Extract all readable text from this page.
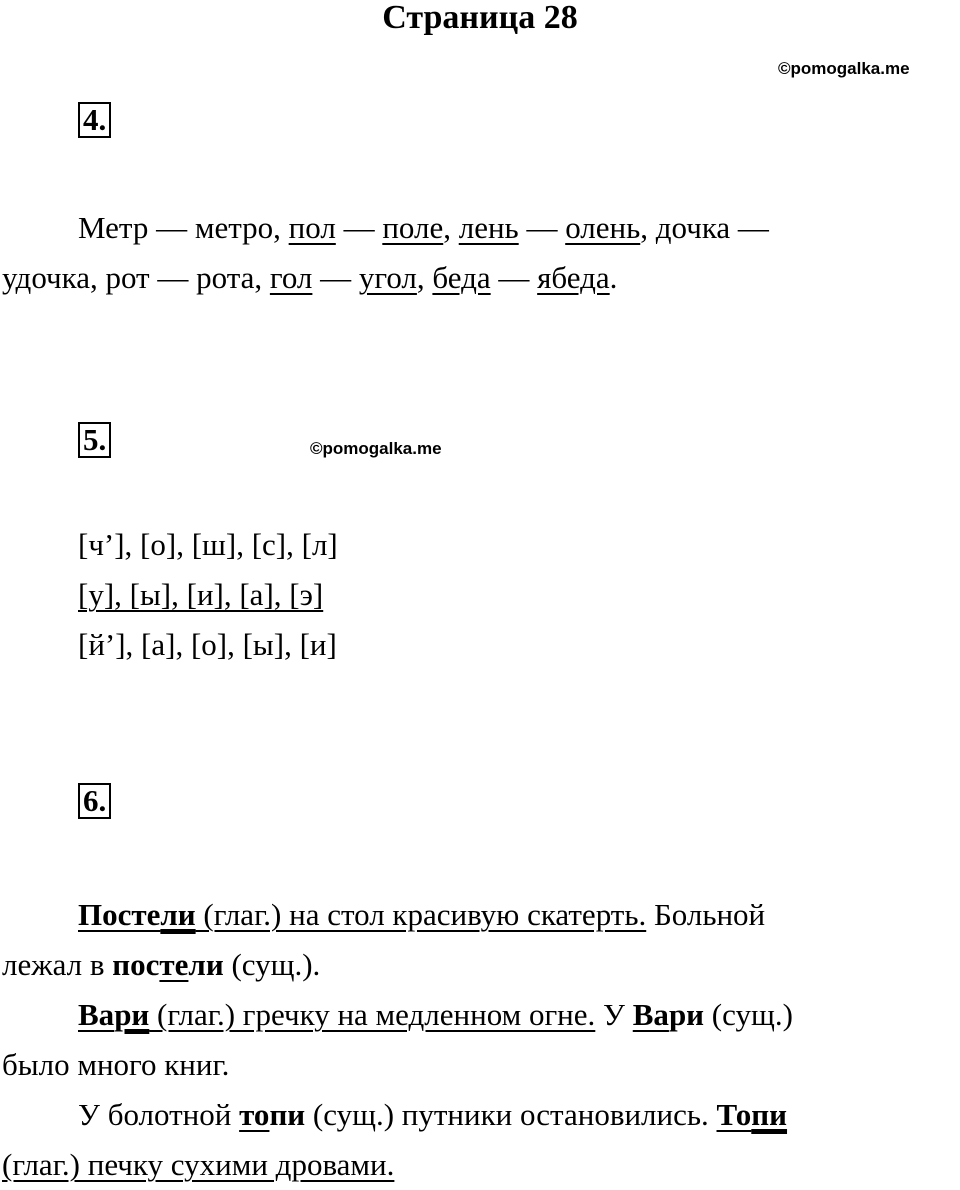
Страница 28
©pomogalka.me
4.
Метр — метро, пол — поле, лень — олень, дочка —
удочка, рот — рота, гол — угол, беда — ябеда.
5.	©pomogalka.me
[ч’], [о], [ш], [с], [л]
[у], [ы], [и], [а], [э]
[й’], [а], [о], [ы], [и]
6.
Постели (глаг.) на стол красивую скатерть. Больной
лежал в постели (сущ.).
Вари (глаг.) гречку на медленном огне. У Вари (сущ.)
было много книг.
У болотной топи (сущ.) путники остановились. Топи
(глаг.) печку сухими дровами.
